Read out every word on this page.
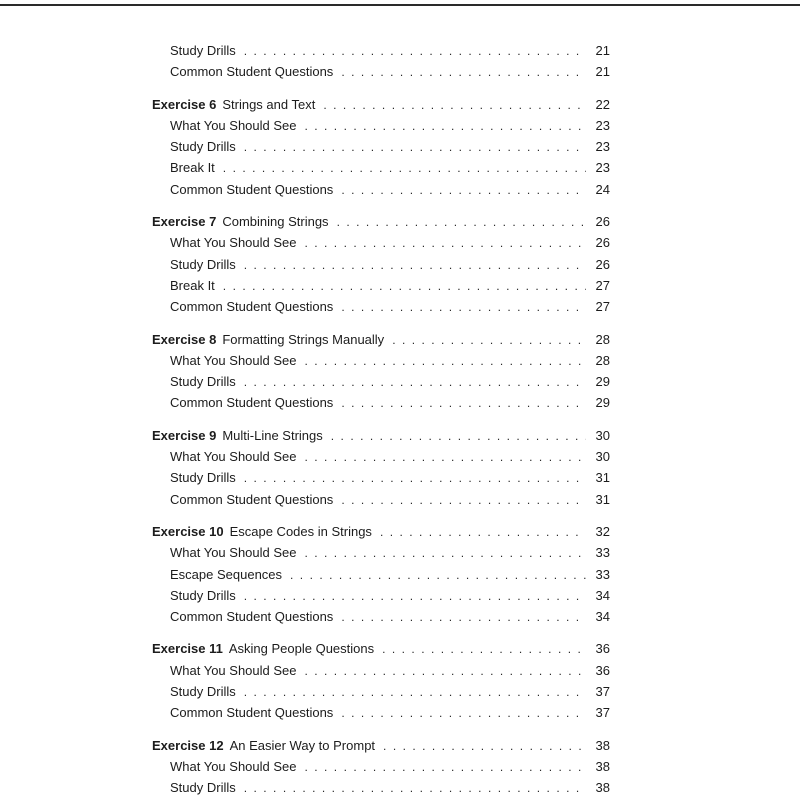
Study Drills . . .	21
Common Student Questions . . .	21
Exercise 6 Strings and Text . . .	22
What You Should See . . .	23
Study Drills . . .	23
Break It . . .	23
Common Student Questions . . .	24
Exercise 7 Combining Strings . . .	26
What You Should See . . .	26
Study Drills . . .	26
Break It . . .	27
Common Student Questions . . .	27
Exercise 8 Formatting Strings Manually . . .	28
What You Should See . . .	28
Study Drills . . .	29
Common Student Questions . . .	29
Exercise 9 Multi-Line Strings . . .	30
What You Should See . . .	30
Study Drills . . .	31
Common Student Questions . . .	31
Exercise 10 Escape Codes in Strings . . .	32
What You Should See . . .	33
Escape Sequences . . .	33
Study Drills . . .	34
Common Student Questions . . .	34
Exercise 11 Asking People Questions . . .	36
What You Should See . . .	36
Study Drills . . .	37
Common Student Questions . . .	37
Exercise 12 An Easier Way to Prompt . . .	38
What You Should See . . .	38
Study Drills . . .	38
